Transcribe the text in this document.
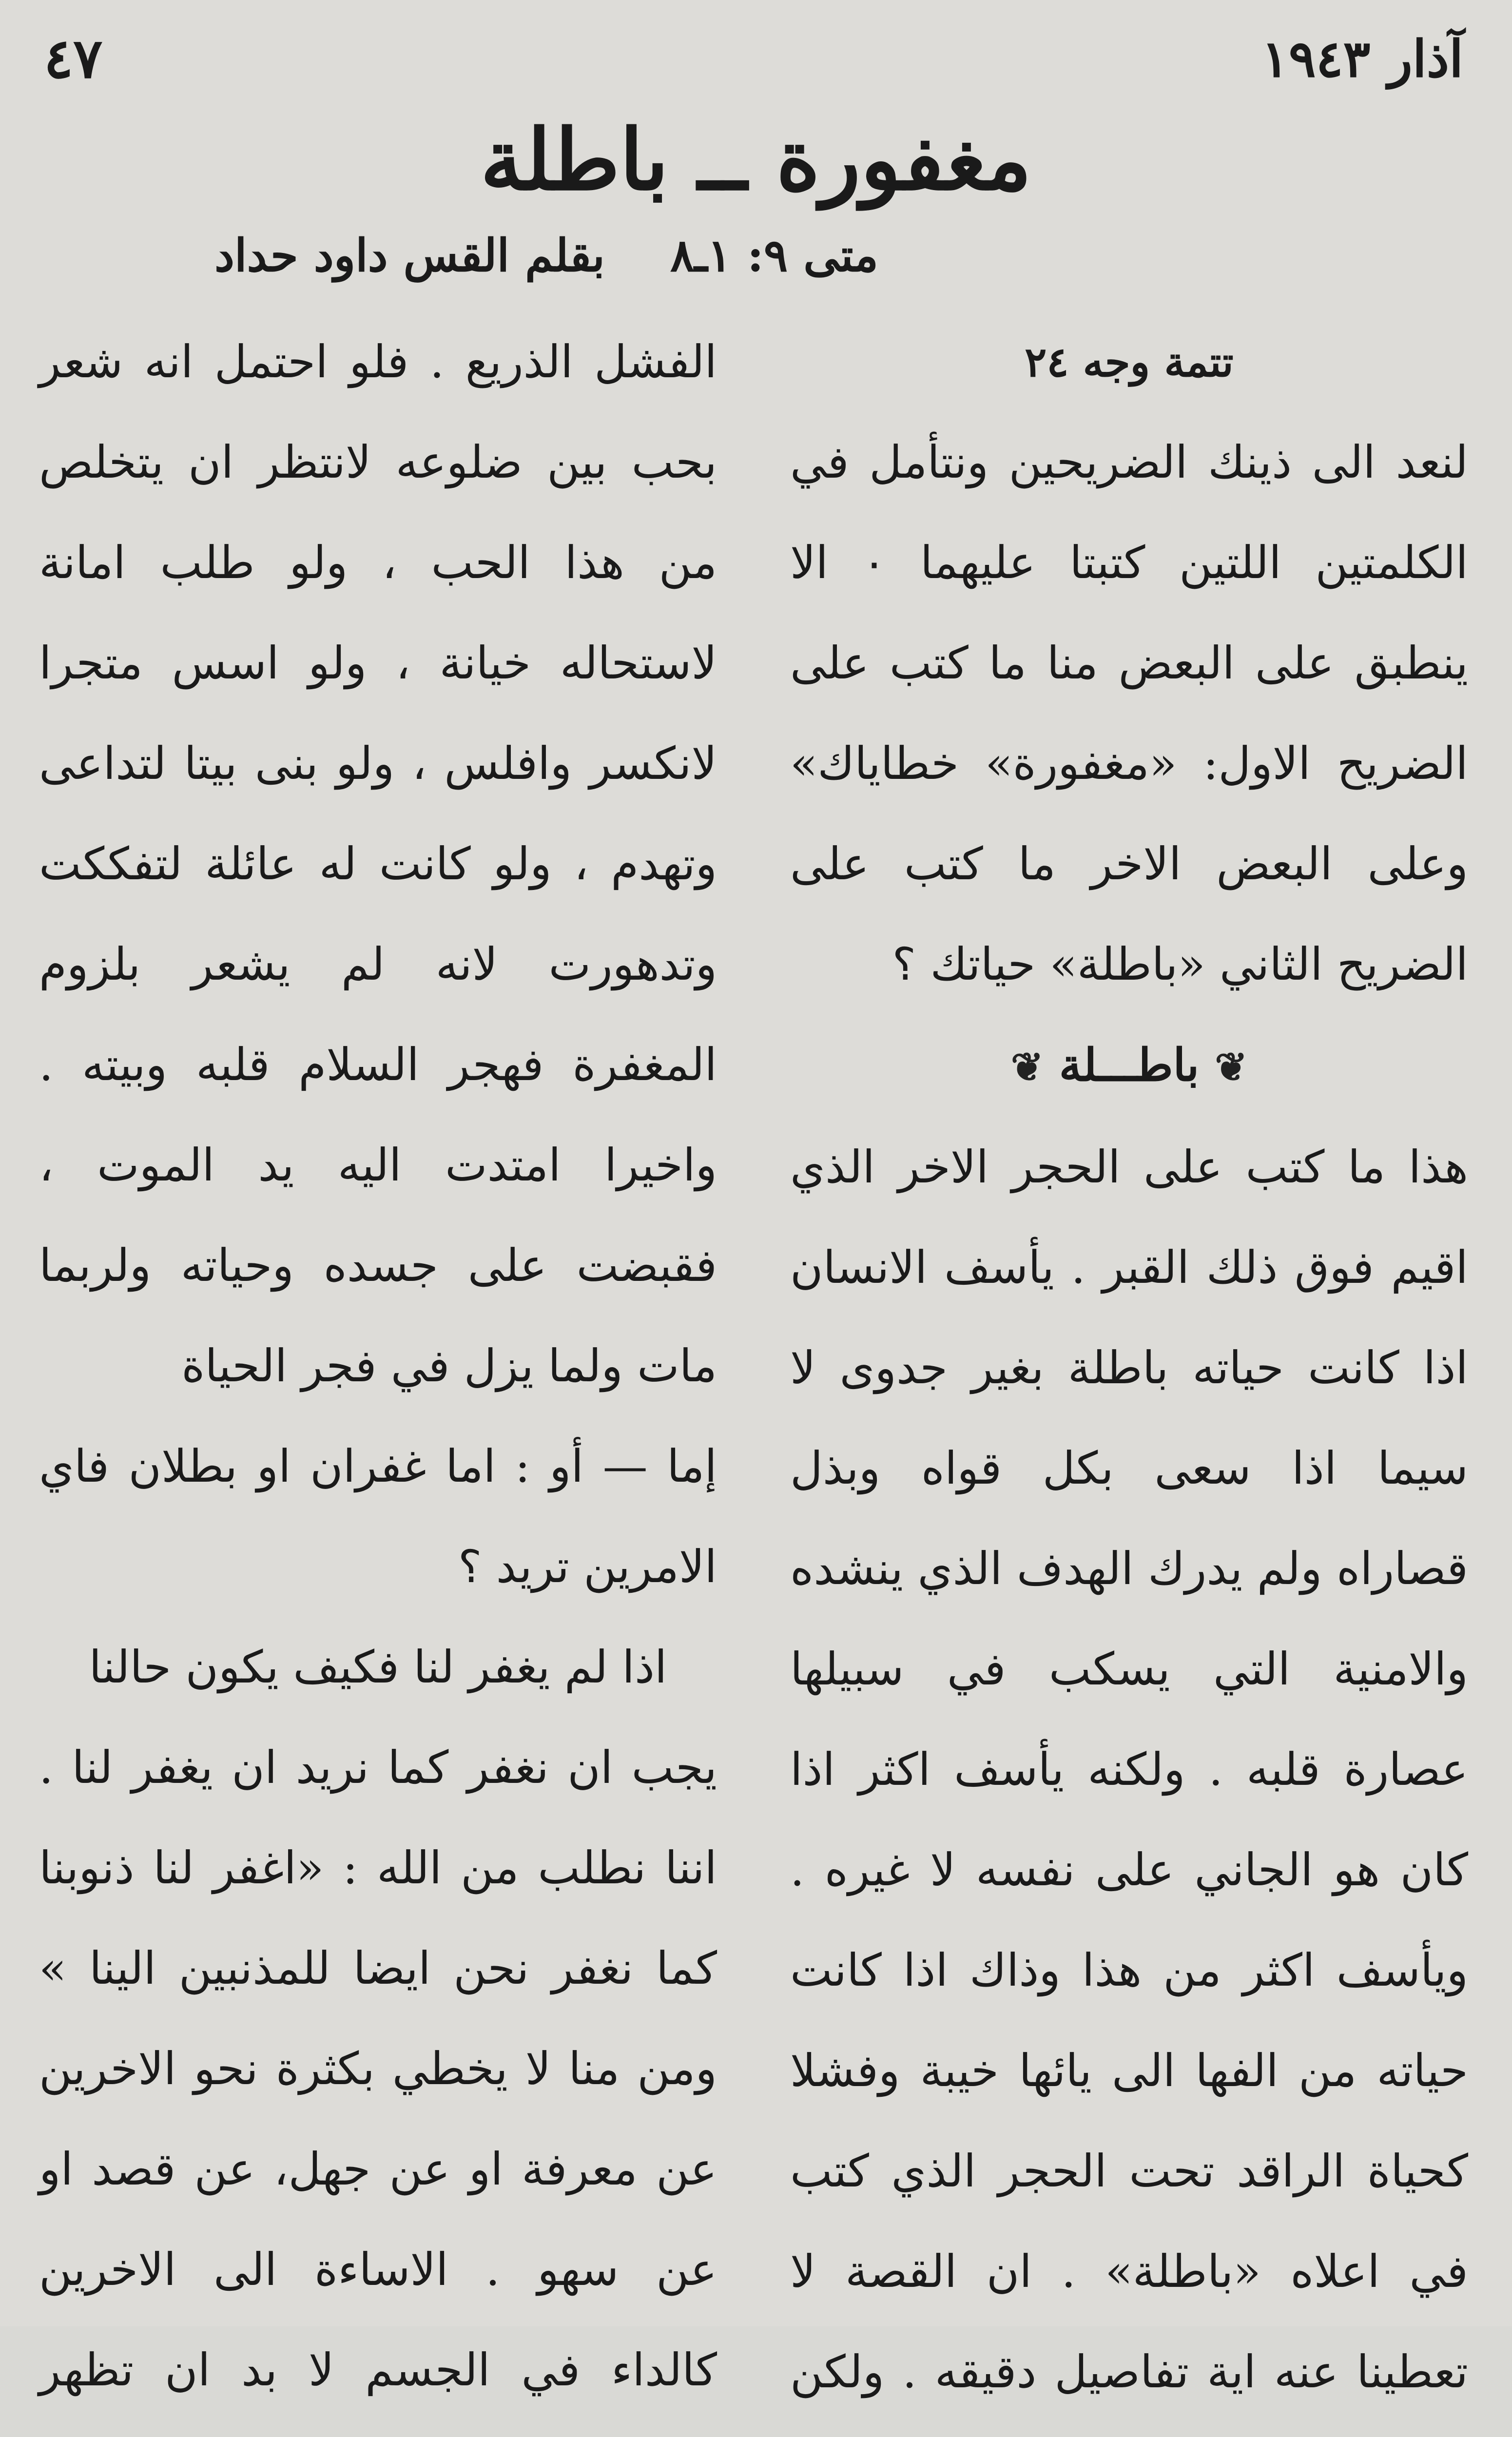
آذار ١٩٤٣
٤٧
مغفورة ــ باطلة
متى ٩: ١ـ٨
بقلم القس داود حداد

تتمة وجه ٢٤

لنعد الى ذينك الضريحين ونتأمل في الكلمتين اللتين كتبتا عليهما ٠ الا ينطبق على البعض منا ما كتب على الضريح الاول: «مغفورة» خطاياك» وعلى البعض الاخر ما كتب على الضريح الثاني «باطلة» حياتك ؟

❦ باطـــلة ❦

هذا ما كتب على الحجر الاخر الذي اقيم فوق ذلك القبر . يأسف الانسان اذا كانت حياته باطلة بغير جدوى لا سيما اذا سعى بكل قواه وبذل قصاراه ولم يدرك الهدف الذي ينشده والامنية التي يسكب في سبيلها عصارة قلبه . ولكنه يأسف اكثر اذا كان هو الجاني على نفسه لا غيره . ويأسف اكثر من هذا وذاك اذا كانت حياته من الفها الى يائها خيبة وفشلا كحياة الراقد تحت الحجر الذي كتب في اعلاه «باطلة» . ان القصة لا تعطينا عنه اية تفاصيل دقيقه . ولكن

الفشل الذريع . فلو احتمل انه شعر بحب بين ضلوعه لانتظر ان يتخلص من هذا الحب ، ولو طلب امانة لاستحاله خيانة ، ولو اسس متجرا لانكسر وافلس ، ولو بنى بيتا لتداعى وتهدم ، ولو كانت له عائلة لتفككت وتدهورت لانه لم يشعر بلزوم المغفرة فهجر السلام قلبه وبيته . واخيرا امتدت اليه يد الموت ، فقبضت على جسده وحياته ولربما مات ولما يزل في فجر الحياة

إما — أو : اما غفران او بطلان فاي الامرين تريد ؟

اذا لم يغفر لنا فكيف يكون حالنا

يجب ان نغفر كما نريد ان يغفر لنا . اننا نطلب من الله : «اغفر لنا ذنوبنا كما نغفر نحن ايضا للمذنبين الينا » ومن منا لا يخطي بكثرة نحو الاخرين عن معرفة او عن جهل، عن قصد او عن سهو . الاساءة الى الاخرين كالداء في الجسم لا بد ان تظهر
